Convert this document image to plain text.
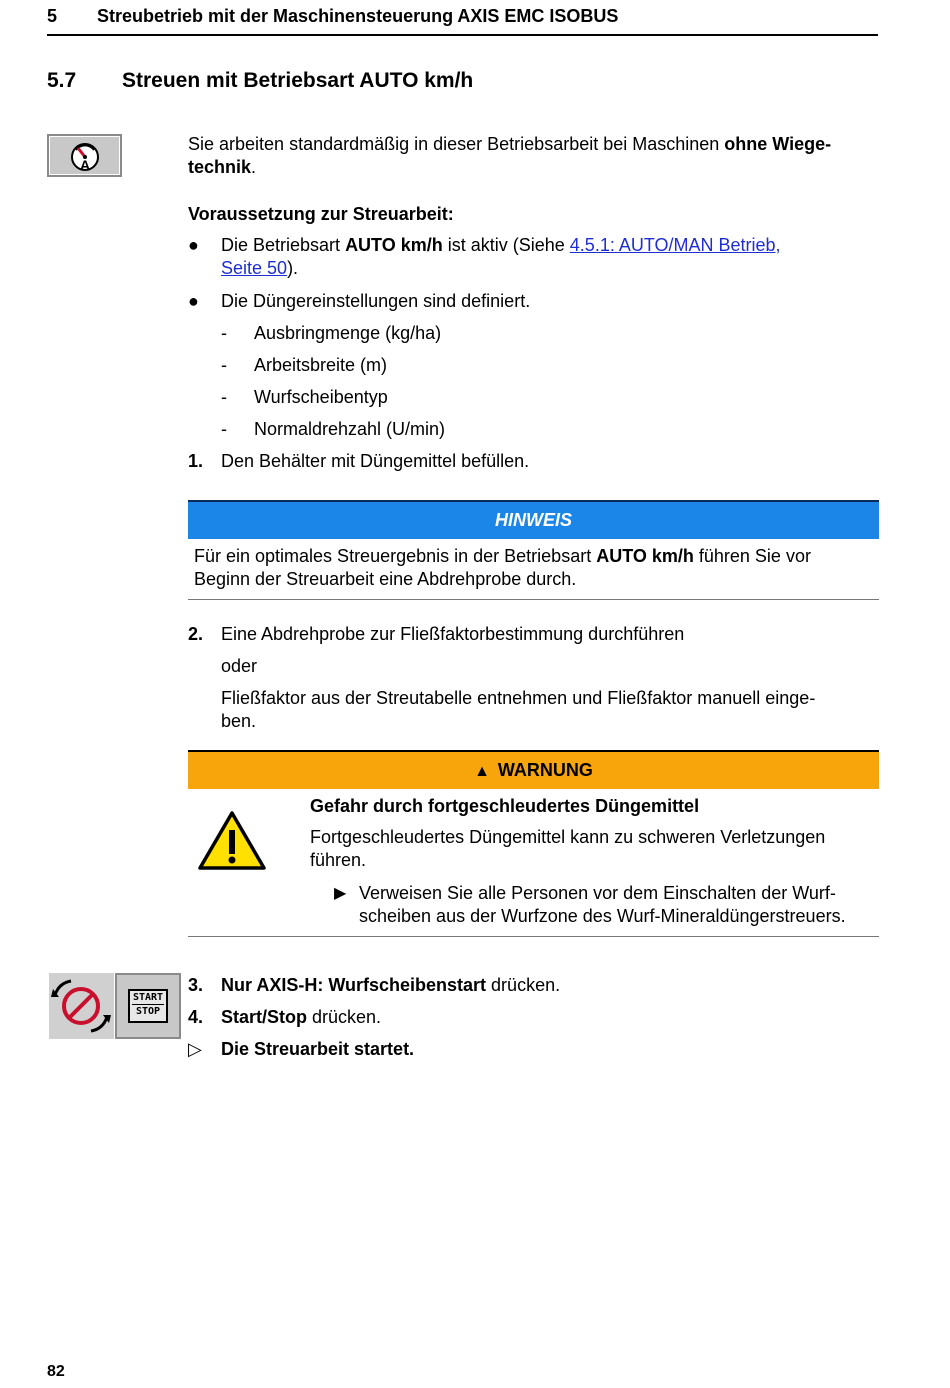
5 Streubetrieb mit der Maschinensteuerung AXIS EMC ISOBUS
5.7 Streuen mit Betriebsart AUTO km/h
A
Sie arbeiten standardmäßig in dieser Betriebsarbeit bei Maschinen ohne Wiege-
technik.
Voraussetzung zur Streuarbeit:
● Die Betriebsart AUTO km/h ist aktiv (Siehe 4.5.1: AUTO/MAN Betrieb,
Seite 50).
● Die Düngereinstellungen sind definiert.
- Ausbringmenge (kg/ha)
- Arbeitsbreite (m)
- Wurfscheibentyp
- Normaldrehzahl (U/min)
1. Den Behälter mit Düngemittel befüllen.
HINWEIS
Für ein optimales Streuergebnis in der Betriebsart AUTO km/h führen Sie vor
Beginn der Streuarbeit eine Abdrehprobe durch.
2. Eine Abdrehprobe zur Fließfaktorbestimmung durchführen
oder
Fließfaktor aus der Streutabelle entnehmen und Fließfaktor manuell einge-
ben.
▲ WARNUNG
Gefahr durch fortgeschleudertes Düngemittel
Fortgeschleudertes Düngemittel kann zu schweren Verletzungen
führen.
▶ Verweisen Sie alle Personen vor dem Einschalten der Wurf-
scheiben aus der Wurfzone des Wurf-Mineraldüngerstreuers.
START
STOP
3. Nur AXIS-H: Wurfscheibenstart drücken.
4. Start/Stop drücken.
▷ Die Streuarbeit startet.
82
